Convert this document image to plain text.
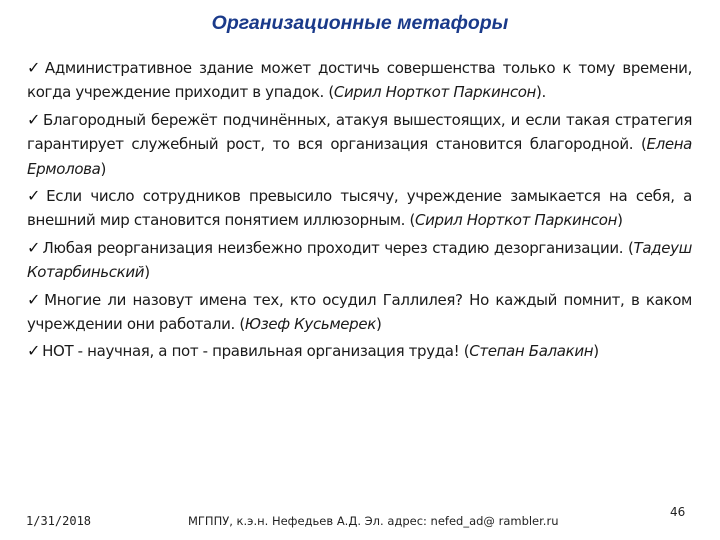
Организационные метафоры
✓ Административное здание может достичь совершенства только к тому времени, когда учреждение приходит в упадок. (Сирил Норткот Паркинсон).
✓ Благородный бережёт подчинённых, атакуя вышестоящих, и если такая стратегия гарантирует служебный рост, то вся организация становится благородной. (Елена Ермолова)
✓ Если число сотрудников превысило тысячу, учреждение замыкается на себя, а внешний мир становится понятием иллюзорным. (Сирил Норткот Паркинсон)
✓ Любая реорганизация неизбежно проходит через стадию дезорганизации. (Тадеуш Котарбиньский)
✓ Многие ли назовут имена тех, кто осудил Галлилея? Но каждый помнит, в каком учреждении они работали. (Юзеф Кусьмерек)
✓ НОТ - научная, а пот - правильная организация труда! (Степан Балакин)
1/31/2018	МГППУ, к.э.н. Нефедьев А.Д. Эл. адрес: nefed_ad@ rambler.ru
46
